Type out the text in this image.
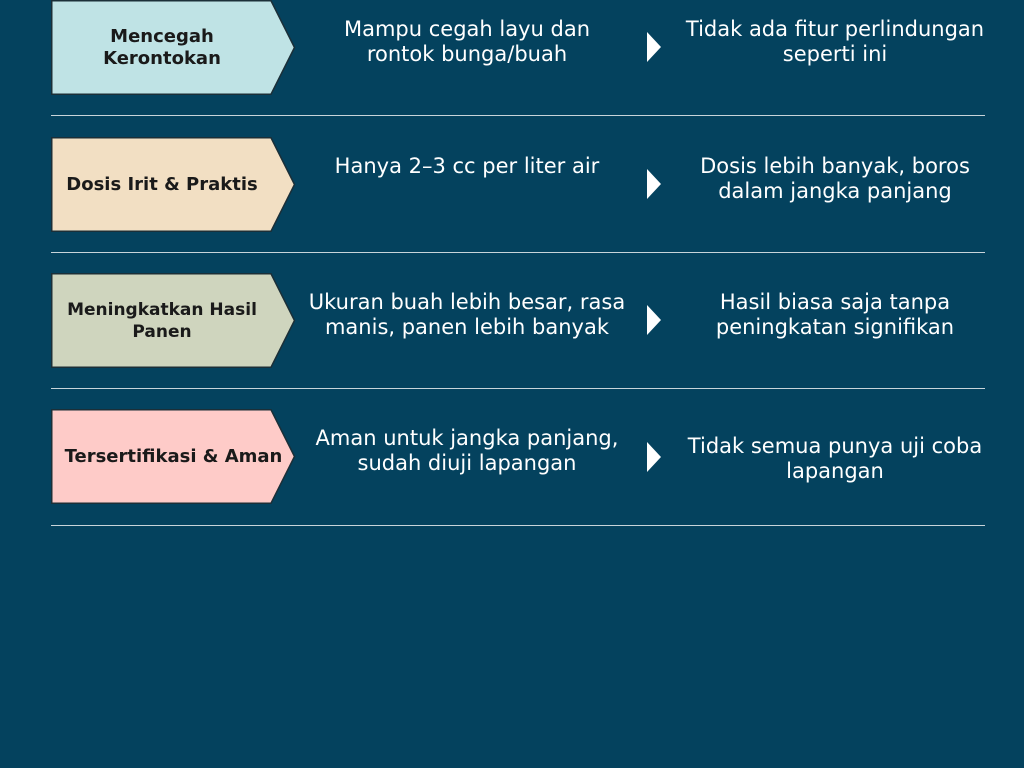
Mencegah Kerontokan
Mampu cegah layu dan rontok bunga/buah
Tidak ada fitur perlindungan seperti ini
Dosis Irit & Praktis
Hanya 2–3 cc per liter air	Dosis lebih banyak, boros dalam jangka panjang
Meningkatkan Hasil Panen
Ukuran buah lebih besar, rasa manis, panen lebih banyak
Hasil biasa saja tanpa peningkatan signifikan
Tersertifikasi & Aman
Aman untuk jangka panjang, sudah diuji lapangan
Tidak semua punya uji coba lapangan
